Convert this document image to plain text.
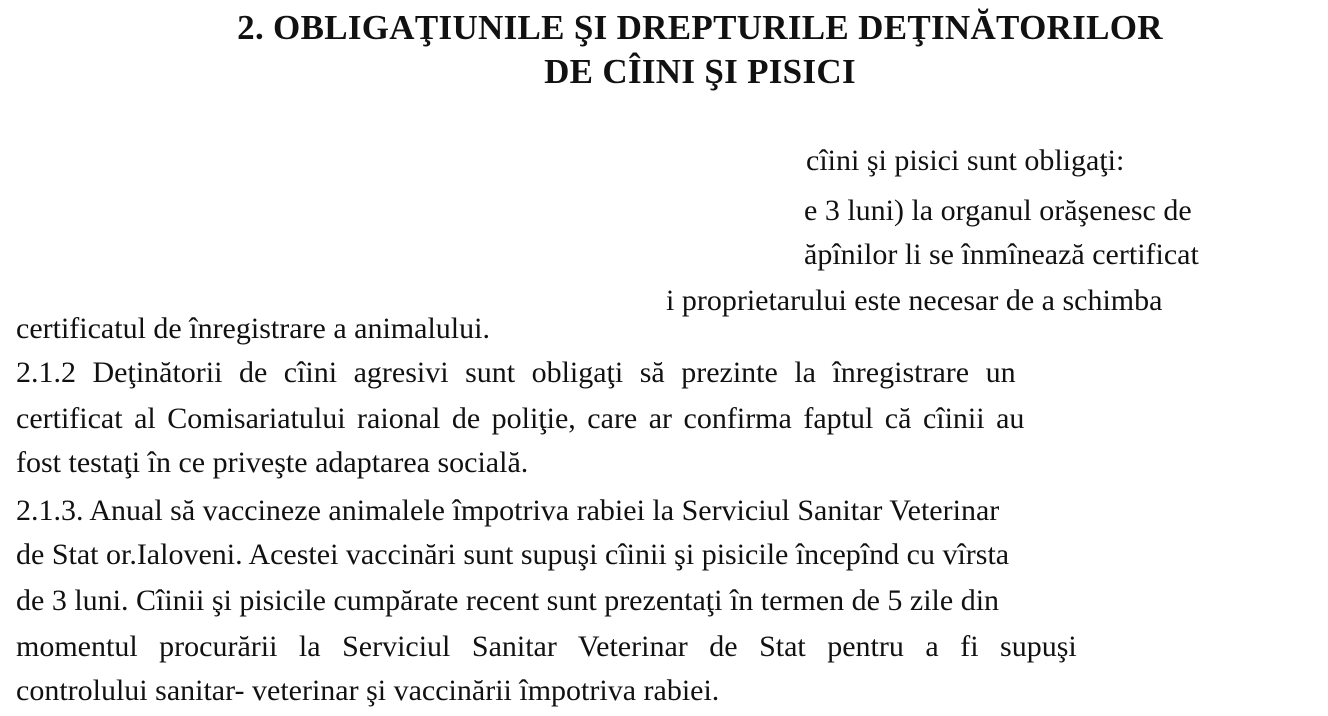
2. OBLIGAŢIUNILE ŞI DREPTURILE DEŢINĂTORILOR
DE CÎINI ŞI PISICI
cîini şi pisici sunt obligaţi:
e 3 luni) la organul orăşenesc de
ăpînilor li se înmînează certificat
i proprietarului este necesar de a schimba
certificatul de înregistrare a animalului.
2.1.2 Deţinătorii de cîini agresivi sunt obligaţi să prezinte la înregistrare un
certificat al Comisariatului raional de poliţie, care ar confirma faptul că cîinii au
fost testaţi în ce priveşte adaptarea socială.
2.1.3. Anual să vaccineze animalele împotriva rabiei la Serviciul Sanitar Veterinar
de Stat or.Ialoveni. Acestei vaccinări sunt supuşi cîinii şi pisicile începînd cu vîrsta
de 3 luni. Cîinii şi pisicile cumpărate recent sunt prezentaţi în termen de 5 zile din
momentul procurării la Serviciul Sanitar Veterinar de Stat pentru a fi supuşi
controlului sanitar- veterinar şi vaccinării împotriva rabiei.
